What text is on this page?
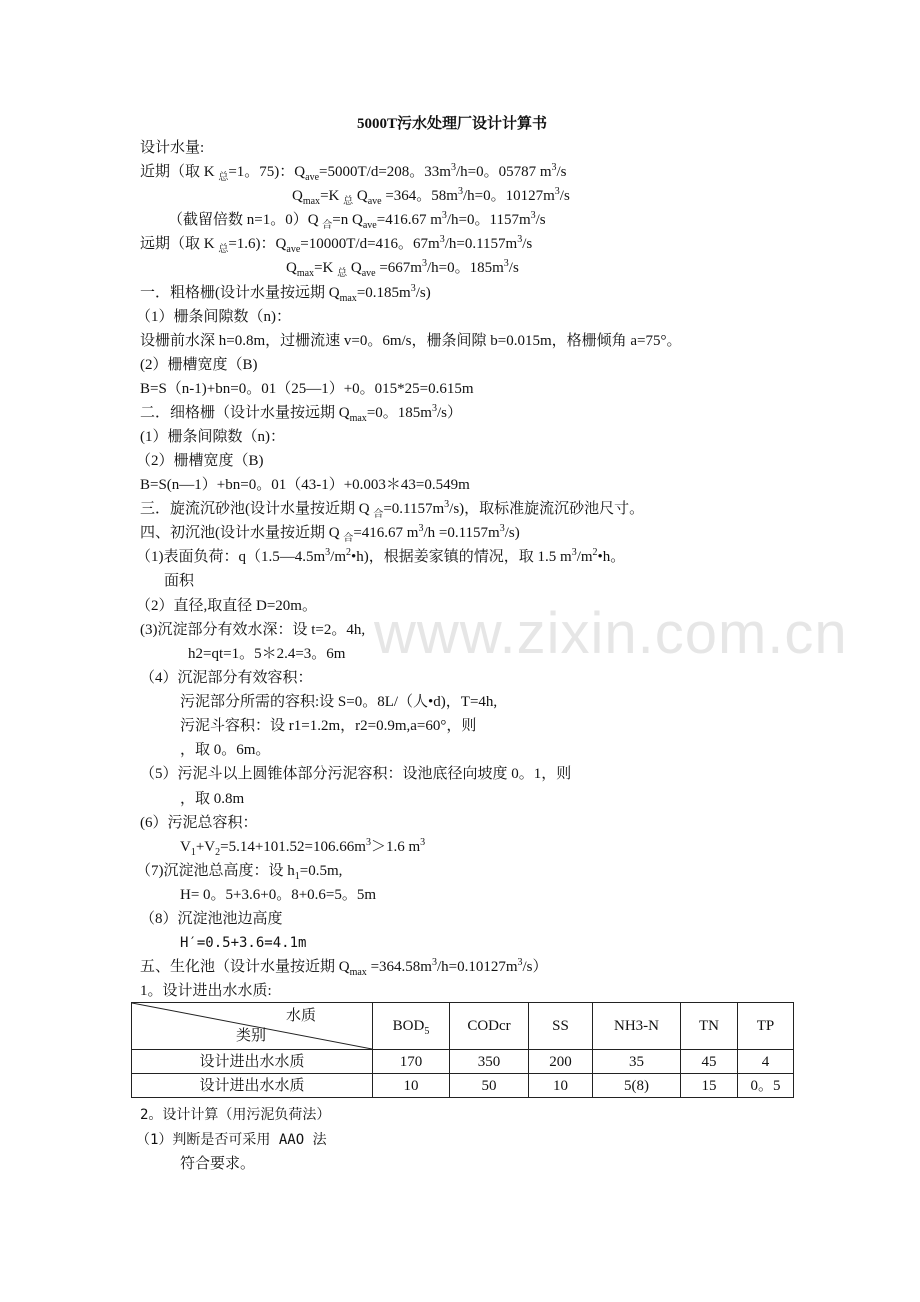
www.zixin.com.cn
5000T污水处理厂设计计算书
设计水量:
近期（取 K $_总$=1。75)：$Q_{ave}=5000T/d=208$。$33m^3/h=0$。05787 $m^3/s$
$Q_{max}=K$ $_总$ $Q_{ave} =364$。$58m^3/h=0$。$10127m^3/s$
（截留倍数 n=1。0）Q $_合$=n $Q_{ave}=416.67$ $m^3/h=0$。$1157m^3/s$
远期（取 K $_总$=1.6)：$Q_{ave}=10000T/d=416$。$67m^3/h=0.1157m^3/s$
$Q_{max}=K$ $_总$ $Q_{ave} =667m^3/h=0$。$185m^3/s$
一．粗格栅(设计水量按远期 $Q_{max}=0.185m^3/s$)
（1）栅条间隙数（n)：
设栅前水深 h=0.8m，过栅流速 v=0。6m/s，栅条间隙 b=0.015m，格栅倾角 a=75°。
(2）栅槽宽度（B)
B=S（n-1)+bn=0。01（25—1）+0。015*25=0.615m
二．细格栅（设计水量按远期 $Q_{max}=0$。$185m^3/s$）
(1）栅条间隙数（n)：
（2）栅槽宽度（B)
B=S(n—1）+bn=0。01（43-1）+0.003＊43=0.549m
三．旋流沉砂池(设计水量按近期 Q $_合=0.1157m^3/s$)，取标准旋流沉砂池尺寸。
四、初沉池(设计水量按近期 Q $_合$=416.67 $m^3/h =0.1157m^3/s$)
（1)表面负荷：$q(1.5—4.5m^3/m^2•h)$，根据姜家镇的情况，取 1.5 $m^3/m^2•h$。
面积
（2）直径,取直径 D=20m。
(3)沉淀部分有效水深：设 t=2。4h,
h2=qt=1。5＊2.4=3。6m
（4）沉泥部分有效容积：
污泥部分所需的容积:设 S=0。8L/（人•d)，T=4h,
污泥斗容积：设 r1=1.2m，r2=0.9m,a=60°，则
，取 0。6m。
（5）污泥斗以上圆锥体部分污泥容积：设池底径向坡度 0。1，则
，取 0.8m
(6）污泥总容积：
$V_1+V_2=5.14+101.52=106.66m^3>1.6$ $m^3$
（7)沉淀池总高度：设 $h_1=0.5m$,
H= 0。5+3.6+0。8+0.6=5。5m
（8）沉淀池池边高度
H′=0.5+3.6=4.1m
五、生化池（设计水量按近期 $Q_{max} =364.58m^3/h=0.10127m^3/s$）
1。设计进出水水质:
水质
类别	$BOD_5$	CODcr	SS	NH3-N	TN	TP
设计进出水水质	170	350	200	35	45	4
设计进出水水质	10	50	10	5(8)	15	0。5
2。设计计算（用污泥负荷法）
（1）判断是否可采用 AAO 法
符合要求。
